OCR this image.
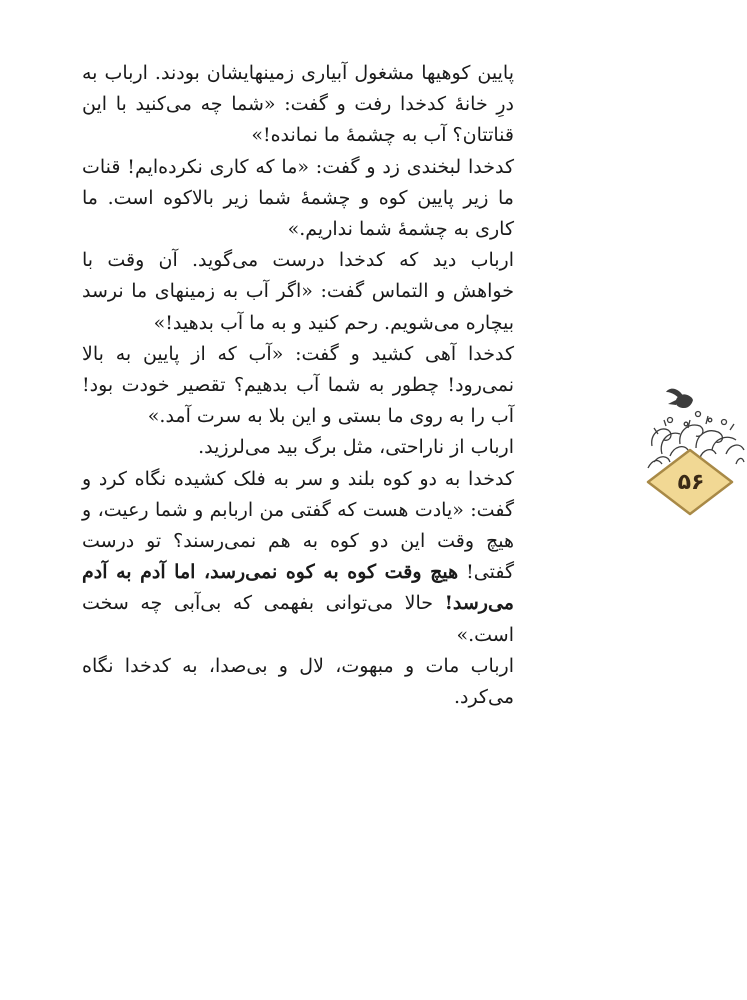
پایین کوهیها مشغول آبیاری زمینهایشان بودند. ارباب به درِ خانهٔ کدخدا رفت و گفت: «شما چه می‌کنید با این قناتتان؟ آب به چشمهٔ ما نمانده!»

کدخدا لبخندی زد و گفت: «ما که کاری نکرده‌ایم! قنات ما زیر پایین کوه و چشمهٔ شما زیر بالاکوه است. ما کاری به چشمهٔ شما نداریم.»

ارباب دید که کدخدا درست می‌گوید. آن وقت با خواهش و التماس گفت: «اگر آب به زمینهای ما نرسد بیچاره می‌شویم. رحم کنید و به ما آب بدهید!»

کدخدا آهی کشید و گفت: «آب که از پایین به بالا نمی‌رود! چطور به شما آب بدهیم؟ تقصیر خودت بود! آب را به روی ما بستی و این بلا به سرت آمد.»

ارباب از ناراحتی، مثل برگ بید می‌لرزید.

کدخدا به دو کوه بلند و سر به فلک کشیده نگاه کرد و گفت: «یادت هست که گفتی من اربابم و شما رعیت، و هیچ وقت این دو کوه به هم نمی‌رسند؟ تو درست گفتی! هیچ وقت کوه به کوه نمی‌رسد، اما آدم به آدم می‌رسد! حالا می‌توانی بفهمی که بی‌آبی چه سخت است.»

ارباب مات و مبهوت، لال و بی‌صدا، به کدخدا نگاه می‌کرد.

۵۶
